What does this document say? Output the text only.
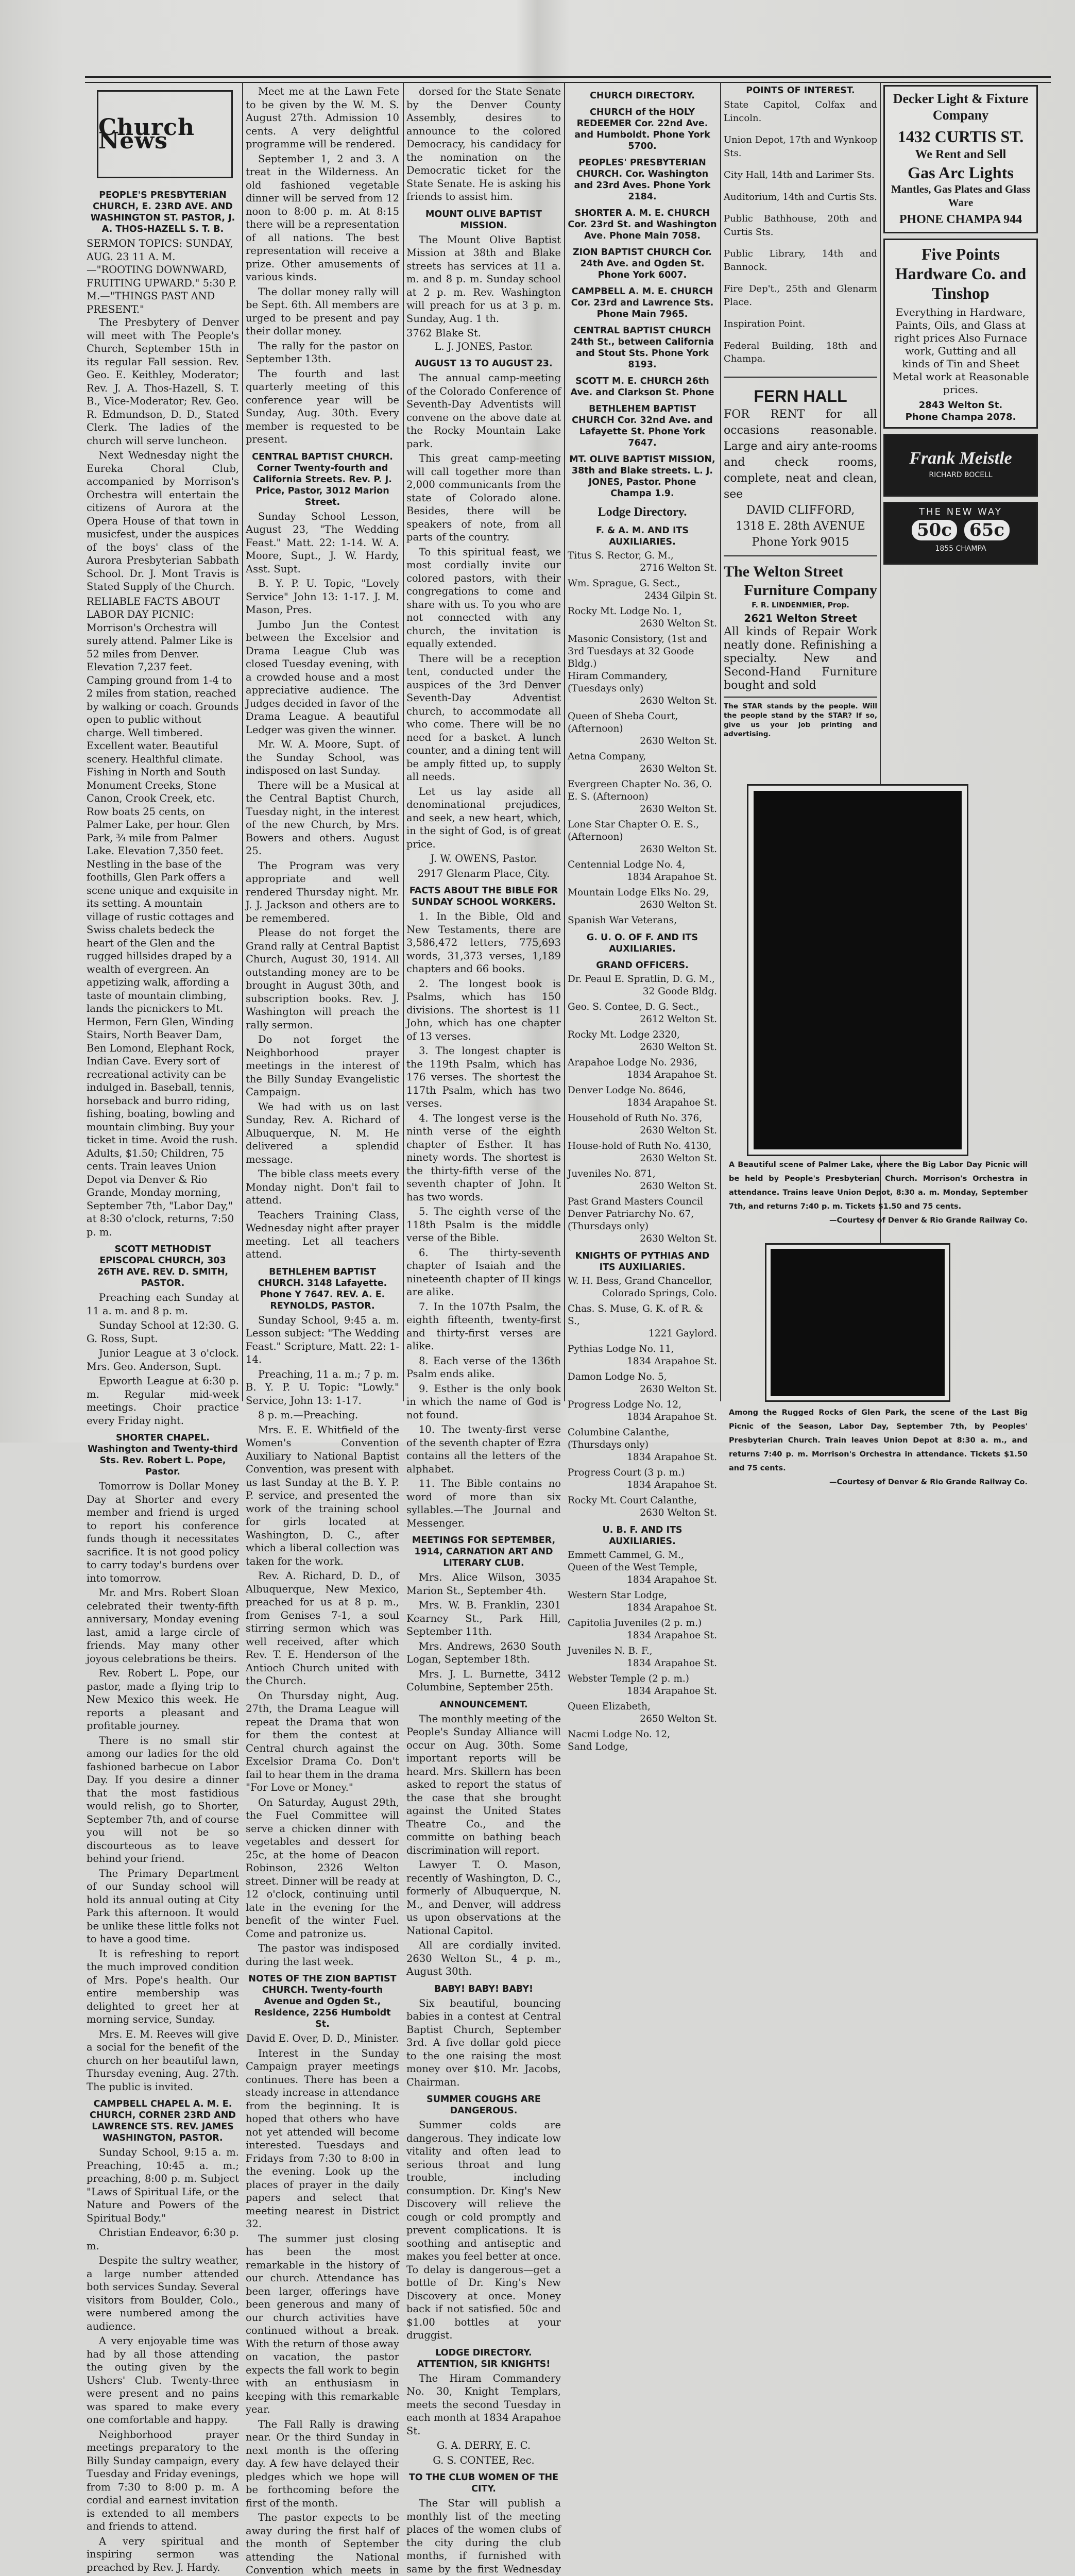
Church News
PEOPLE'S PRESBYTERIAN CHURCH, E. 23RD AVE. AND WASHINGTON ST. PASTOR, J. A. THOS-HAZELL S. T. B.

SERMON TOPICS: SUNDAY, AUG. 23 11 A. M.—"ROOTING DOWNWARD, FRUITING UPWARD." 5:30 P. M.—"THINGS PAST AND PRESENT."

The Presbytery of Denver will meet with The People's Church, September 15th in its regular Fall session. Rev. Geo. E. Keithley, Moderator; Rev. J. A. Thos-Hazell, S. T. B., Vice-Moderator; Rev. Geo. R. Edmundson, D. D., Stated Clerk. The ladies of the church will serve luncheon.

Next Wednesday night the Eureka Choral Club, accompanied by Morrison's Orchestra will entertain the citizens of Aurora at the Opera House of that town in musicfest, under the auspices of the boys' class of the Aurora Presbyterian Sabbath School. Dr. J. Mont Travis is Stated Supply of the Church.

RELIABLE FACTS ABOUT LABOR DAY PICNIC: Morrison's Orchestra will surely attend. Palmer Like is 52 miles from Denver. Elevation 7,237 feet. Camping ground from 1-4 to 2 miles from station, reached by walking or coach. Grounds open to public without charge. Well timbered. Excellent water. Beautiful scenery. Healthful climate. Fishing in North and South Monument Creeks, Stone Canon, Crook Creek, etc. Row boats 25 cents, on Palmer Lake, per hour. Glen Park, ¾ mile from Palmer Lake. Elevation 7,350 feet. Nestling in the base of the foothills, Glen Park offers a scene unique and exquisite in its setting. A mountain village of rustic cottages and Swiss chalets bedeck the heart of the Glen and the rugged hillsides draped by a wealth of evergreen. An appetizing walk, affording a taste of mountain climbing, lands the picnickers to Mt. Hermon, Fern Glen, Winding Stairs, North Beaver Dam, Ben Lomond, Elephant Rock, Indian Cave. Every sort of recreational activity can be indulged in. Baseball, tennis, horseback and burro riding, fishing, boating, bowling and mountain climbing. Buy your ticket in time. Avoid the rush. Adults, $1.50; Children, 75 cents. Train leaves Union Depot via Denver & Rio Grande, Monday morning, September 7th, "Labor Day," at 8:30 o'clock, returns, 7:50 p. m.

SCOTT METHODIST EPISCOPAL CHURCH, 303 26TH AVE. REV. D. SMITH, PASTOR.

Preaching each Sunday at 11 a. m. and 8 p. m.

Sunday School at 12:30. G. G. Ross, Supt.

Junior League at 3 o'clock. Mrs. Geo. Anderson, Supt.

Epworth League at 6:30 p. m. Regular mid-week meetings. Choir practice every Friday night.

SHORTER CHAPEL. Washington and Twenty-third Sts. Rev. Robert L. Pope, Pastor.

Tomorrow is Dollar Money Day at Shorter and every member and friend is urged to report his conference funds though it necessitates sacrifice. It is not good policy to carry today's burdens over into tomorrow.

Mr. and Mrs. Robert Sloan celebrated their twenty-fifth anniversary, Monday evening last, amid a large circle of friends. May many other joyous celebrations be theirs.

Rev. Robert L. Pope, our pastor, made a flying trip to New Mexico this week. He reports a pleasant and profitable journey.

There is no small stir among our ladies for the old fashioned barbecue on Labor Day. If you desire a dinner that the most fastidious would relish, go to Shorter, September 7th, and of course you will not be so discourteous as to leave behind your friend.

The Primary Department of our Sunday school will hold its annual outing at City Park this afternoon. It would be unlike these little folks not to have a good time.

It is refreshing to report the much improved condition of Mrs. Pope's health. Our entire membership was delighted to greet her at morning service, Sunday.

Mrs. E. M. Reeves will give a social for the benefit of the church on her beautiful lawn, Thursday evening, Aug. 27th. The public is invited.

CAMPBELL CHAPEL A. M. E. CHURCH, CORNER 23RD AND LAWRENCE STS. REV. JAMES WASHINGTON, PASTOR.

Sunday School, 9:15 a. m. Preaching, 10:45 a. m.; preaching, 8:00 p. m. Subject "Laws of Spiritual Life, or the Nature and Powers of the Spiritual Body."

Christian Endeavor, 6:30 p. m.

Despite the sultry weather, a large number attended both services Sunday. Several visitors from Boulder, Colo., were numbered among the audience.

A very enjoyable time was had by all those attending the outing given by the Ushers' Club. Twenty-three were present and no pains was spared to make every one comfortable and happy.

Neighborhood prayer meetings preparatory to the Billy Sunday campaign, every Tuesday and Friday evenings, from 7:30 to 8:00 p. m. A cordial and earnest invitation is extended to all members and friends to attend.

A very spiritual and inspiring sermon was preached by Rev. J. Hardy.

Meet me at the Lawn Fete to be given by the W. M. S. August 27th. Admission 10 cents. A very delightful programme will be rendered.

September 1, 2 and 3. A treat in the Wilderness. An old fashioned vegetable dinner will be served from 12 noon to 8:00 p. m. At 8:15 there will be a representation of all nations. The best representation will receive a prize. Other amusements of various kinds.

The dollar money rally will be Sept. 6th. All members are urged to be present and pay their dollar money.

The rally for the pastor on September 13th.

The fourth and last quarterly meeting of this conference year will be Sunday, Aug. 30th. Every member is requested to be present.

CENTRAL BAPTIST CHURCH. Corner Twenty-fourth and California Streets. Rev. P. J. Price, Pastor, 3012 Marion Street.

Sunday School Lesson, August 23, "The Wedding Feast." Matt. 22: 1-14. W. A. Moore, Supt., J. W. Hardy, Asst. Supt.

B. Y. P. U. Topic, "Lovely Service" John 13: 1-17. J. M. Mason, Pres.

Jumbo Jun the Contest between the Excelsior and Drama League Club was closed Tuesday evening, with a crowded house and a most appreciative audience. The Judges decided in favor of the Drama League. A beautiful Ledger was given the winner.

Mr. W. A. Moore, Supt. of the Sunday School, was indisposed on last Sunday.

There will be a Musical at the Central Baptist Church, Tuesday night, in the interest of the new Church, by Mrs. Bowers and others. August 25.

The Program was very appropriate and well rendered Thursday night. Mr. J. J. Jackson and others are to be remembered.

Please do not forget the Grand rally at Central Baptist Church, August 30, 1914. All outstanding money are to be brought in August 30th, and subscription books. Rev. J. Washington will preach the rally sermon.

Do not forget the Neighborhood prayer meetings in the interest of the Billy Sunday Evangelistic Campaign.

We had with us on last Sunday, Rev. A. Richard of Albuquerque, N. M. He delivered a splendid message.

The bible class meets every Monday night. Don't fail to attend.

Teachers Training Class, Wednesday night after prayer meeting. Let all teachers attend.

BETHLEHEM BAPTIST CHURCH. 3148 Lafayette. Phone Y 7647. REV. A. E. REYNOLDS, PASTOR.

Sunday School, 9:45 a. m. Lesson subject: "The Wedding Feast." Scripture, Matt. 22: 1-14.

Preaching, 11 a. m.; 7 p. m. B. Y. P. U. Topic: "Lowly." Service, John 13: 1-17.

8 p. m.—Preaching.

Mrs. E. E. Whitfield of the Women's Convention Auxiliary to National Baptist Convention, was present with us last Sunday at the B. Y. P. P. service, and presented the work of the training school for girls located at Washington, D. C., after which a liberal collection was taken for the work.

Rev. A. Richard, D. D., of Albuquerque, New Mexico, preached for us at 8 p. m., from Genises 7-1, a soul stirring sermon which was well received, after which Rev. T. E. Henderson of the Antioch Church united with the Church.

On Thursday night, Aug. 27th, the Drama League will repeat the Drama that won for them the contest at Central church against the Excelsior Drama Co. Don't fail to hear them in the drama "For Love or Money."

On Saturday, August 29th, the Fuel Committee will serve a chicken dinner with vegetables and dessert for 25c, at the home of Deacon Robinson, 2326 Welton street. Dinner will be ready at 12 o'clock, continuing until late in the evening for the benefit of the winter Fuel. Come and patronize us.

The pastor was indisposed during the last week.

NOTES OF THE ZION BAPTIST CHURCH. Twenty-fourth Avenue and Ogden St., Residence, 2256 Humboldt St.

David E. Over, D. D., Minister.

Interest in the Sunday Campaign prayer meetings continues. There has been a steady increase in attendance from the beginning. It is hoped that others who have not yet attended will become interested. Tuesdays and Fridays from 7:30 to 8:00 in the evening. Look up the places of prayer in the daily papers and select that meeting nearest in District 32.

The summer just closing has been the most remarkable in the history of our church. Attendance has been larger, offerings have been generous and many of our church activities have continued without a break. With the return of those away on vacation, the pastor expects the fall work to begin with an enthusiasm in keeping with this remarkable year.

The Fall Rally is drawing near. Or the third Sunday in next month is the offering day. A few have delayed their pledges which we hope will be forthcoming before the first of the month.

The pastor expects to be away during the first half of the month of September attending the National Convention which meets in

dorsed for the State Senate by the Denver County Assembly, desires to announce to the colored Democracy, his candidacy for the nomination on the Democratic ticket for the State Senate. He is asking his friends to assist him.

MOUNT OLIVE BAPTIST MISSION.

The Mount Olive Baptist Mission at 38th and Blake streets has services at 11 a. m. and 8 p. m. Sunday school at 2 p. m. Rev. Washington will preach for us at 3 p. m. Sunday, Aug. 1 th.

3762 Blake St.

L. J. JONES, Pastor.

AUGUST 13 TO AUGUST 23.

The annual camp-meeting of the Colorado Conference of Seventh-Day Adventists will convene on the above date at the Rocky Mountain Lake park.

This great camp-meeting will call together more than 2,000 communicants from the state of Colorado alone. Besides, there will be speakers of note, from all parts of the country.

To this spiritual feast, we most cordially invite our colored pastors, with their congregations to come and share with us. To you who are not connected with any church, the invitation is equally extended.

There will be a reception tent, conducted under the auspices of the 3rd Denver Seventh-Day Adventist church, to accommodate all who come. There will be no need for a basket. A lunch counter, and a dining tent will be amply fitted up, to supply all needs.

Let us lay aside all denominational prejudices, and seek, a new heart, which, in the sight of God, is of great price.

J. W. OWENS, Pastor.

2917 Glenarm Place, City.

FACTS ABOUT THE BIBLE FOR SUNDAY SCHOOL WORKERS.

1. In the Bible, Old and New Testaments, there are 3,586,472 letters, 775,693 words, 31,373 verses, 1,189 chapters and 66 books.

2. The longest book is Psalms, which has 150 divisions. The shortest is 11 John, which has one chapter of 13 verses.

3. The longest chapter is the 119th Psalm, which has 176 verses. The shortest the 117th Psalm, which has two verses.

4. The longest verse is the ninth verse of the eighth chapter of Esther. It has ninety words. The shortest is the thirty-fifth verse of the seventh chapter of John. It has two words.

5. The eighth verse of the 118th Psalm is the middle verse of the Bible.

6. The thirty-seventh chapter of Isaiah and the nineteenth chapter of II kings are alike.

7. In the 107th Psalm, the eighth fifteenth, twenty-first and thirty-first verses are alike.

8. Each verse of the 136th Psalm ends alike.

9. Esther is the only book in which the name of God is not found.

10. The twenty-first verse of the seventh chapter of Ezra contains all the letters of the alphabet.

11. The Bible contains no word of more than six syllables.—The Journal and Messenger.

MEETINGS FOR SEPTEMBER, 1914, CARNATION ART AND LITERARY CLUB.

Mrs. Alice Wilson, 3035 Marion St., September 4th.

Mrs. W. B. Franklin, 2301 Kearney St., Park Hill, September 11th.

Mrs. Andrews, 2630 South Logan, September 18th.

Mrs. J. L. Burnette, 3412 Columbine, September 25th.

ANNOUNCEMENT.

The monthly meeting of the People's Sunday Alliance will occur on Aug. 30th. Some important reports will be heard. Mrs. Skillern has been asked to report the status of the case that she brought against the United States Theatre Co., and the committe on bathing beach discrimination will report.

Lawyer T. O. Mason, recently of Washington, D. C., formerly of Albuquerque, N. M., and Denver, will address us upon observations at the National Capitol.

All are cordially invited. 2630 Welton St., 4 p. m., August 30th.

BABY! BABY! BABY!

Six beautiful, bouncing babies in a contest at Central Baptist Church, September 3rd. A five dollar gold piece to the one raising the most money over $10. Mr. Jacobs, Chairman.

SUMMER COUGHS ARE DANGEROUS.

Summer colds are dangerous. They indicate low vitality and often lead to serious throat and lung trouble, including consumption. Dr. King's New Discovery will relieve the cough or cold promptly and prevent complications. It is soothing and antiseptic and makes you feel better at once. To delay is dangerous—get a bottle of Dr. King's New Discovery at once. Money back if not satisfied. 50c and $1.00 bottles at your druggist.

LODGE DIRECTORY. ATTENTION, SIR KNIGHTS!

The Hiram Commandery No. 30, Knight Templars, meets the second Tuesday in each month at 1834 Arapahoe St.

G. A. DERRY, E. C.

G. S. CONTEE, Rec.

TO THE CLUB WOMEN OF THE CITY.

The Star will publish a monthly list of the meeting places of the women clubs of the city during the club months, if furnished with same by the first Wednesday

CHURCH DIRECTORY.
CHURCH of the HOLY REDEEMER Cor. 22nd Ave. and Humboldt. Phone York 5700.
PEOPLES' PRESBYTERIAN CHURCH. Cor. Washington and 23rd Aves. Phone York 2184.
SHORTER A. M. E. CHURCH Cor. 23rd St. and Washington Ave. Phone Main 7058.
ZION BAPTIST CHURCH Cor. 24th Ave. and Ogden St. Phone York 6007.
CAMPBELL A. M. E. CHURCH Cor. 23rd and Lawrence Sts. Phone Main 7965.
CENTRAL BAPTIST CHURCH 24th St., between California and Stout Sts. Phone York 8193.
SCOTT M. E. CHURCH 26th Ave. and Clarkson St. Phone
BETHLEHEM BAPTIST CHURCH Cor. 32nd Ave. and Lafayette St. Phone York 7647.
MT. OLIVE BAPTIST MISSION, 38th and Blake streets. L. J. JONES, Pastor. Phone Champa 1.9.
Lodge Directory.
F. & A. M. AND ITS AUXILIARIES.

Titus S. Rector, G. M.,

2716 Welton St.

Wm. Sprague, G. Sect.,

2434 Gilpin St.

Rocky Mt. Lodge No. 1,

2630 Welton St.

Masonic Consistory, (1st and 3rd Tuesdays at 32 Goode Bldg.)

Hiram Commandery, (Tuesdays only)

2630 Welton St.

Queen of Sheba Court, (Afternoon)

2630 Welton St.

Aetna Company,

2630 Welton St.

Evergreen Chapter No. 36, O. E. S. (Afternoon)

2630 Welton St.

Lone Star Chapter O. E. S., (Afternoon)

2630 Welton St.

Centennial Lodge No. 4,

1834 Arapahoe St.

Mountain Lodge Elks No. 29,

2630 Welton St.

Spanish War Veterans,

G. U. O. OF F. AND ITS AUXILIARIES.
GRAND OFFICERS.

Dr. Peaul E. Spratlin, D. G. M.,

32 Goode Bldg.

Geo. S. Contee, D. G. Sect.,

2612 Welton St.

Rocky Mt. Lodge 2320,

2630 Welton St.

Arapahoe Lodge No. 2936,

1834 Arapahoe St.

Denver Lodge No. 8646,

1834 Arapahoe St.

Household of Ruth No. 376,

2630 Welton St.

House-hold of Ruth No. 4130,

2630 Welton St.

Juveniles No. 871,

2630 Welton St.

Past Grand Masters Council

Denver Patriarchy No. 67, (Thursdays only)

2630 Welton St.

KNIGHTS OF PYTHIAS AND ITS AUXILIARIES.

W. H. Bess, Grand Chancellor,

Colorado Springs, Colo.

Chas. S. Muse, G. K. of R. & S.,

1221 Gaylord.

Pythias Lodge No. 11,

1834 Arapahoe St.

Damon Lodge No. 5,

2630 Welton St.

Progress Lodge No. 12,

1834 Arapahoe St.

Columbine Calanthe, (Thursdays only)

1834 Arapahoe St.

Progress Court (3 p. m.)

1834 Arapahoe St.

Rocky Mt. Court Calanthe,

2630 Welton St.

U. B. F. AND ITS AUXILIARIES.

Emmett Cammel, G. M., Queen of the West Temple,

1834 Arapahoe St.

Western Star Lodge,

1834 Arapahoe St.

Capitolia Juveniles (2 p. m.)

1834 Arapahoe St.

Juveniles N. B. F.,

1834 Arapahoe St.

Webster Temple (2 p. m.)

1834 Arapahoe St.

Queen Elizabeth,

2650 Welton St.

Nacmi Lodge No. 12,

Sand Lodge,

POINTS OF INTEREST.

State Capitol, Colfax and Lincoln.

Union Depot, 17th and Wynkoop Sts.

City Hall, 14th and Larimer Sts.

Auditorium, 14th and Curtis Sts.

Public Bathhouse, 20th and Curtis Sts.

Public Library, 14th and Bannock.

Fire Dep't., 25th and Glenarm Place.

Inspiration Point.

Federal Building, 18th and Champa.

FERN HALL
FOR RENT for all occasions reasonable. Large and airy ante-rooms and check rooms, complete, neat and clean, see
DAVID CLIFFORD,
1318 E. 28th AVENUE
Phone York 9015
The Welton Street
Furniture Company
F. R. LINDENMIER, Prop.
2621 Welton Street
All kinds of Repair Work neatly done. Refinishing a specialty. New and Second-Hand Furniture bought and sold
The STAR stands by the people. Will the people stand by the STAR? If so, give us your job printing and advertising.
A Beautiful scene of Palmer Lake, where the Big Labor Day Picnic will be held by People's Presbyterian Church. Morrison's Orchestra in attendance. Trains leave Union Depot, 8:30 a. m. Monday, September 7th, and returns 7:40 p. m. Tickets $1.50 and 75 cents.
—Courtesy of Denver & Rio Grande Railway Co.
Among the Rugged Rocks of Glen Park, the scene of the Last Big Picnic of the Season, Labor Day, September 7th, by Peoples' Presbyterian Church. Train leaves Union Depot at 8:30 a. m., and returns 7:40 p. m. Morrison's Orchestra in attendance. Tickets $1.50 and 75 cents.
—Courtesy of Denver & Rio Grande Railway Co.
Decker Light & Fixture Company
1432 CURTIS ST.
We Rent and Sell
Gas Arc Lights
Mantles, Gas Plates and Glass Ware
PHONE CHAMPA 944
Five Points Hardware Co. and Tinshop
Everything in Hardware, Paints, Oils, and Glass at right prices Also Furnace work, Gutting and all kinds of Tin and Sheet Metal work at Reasonable prices.
2843 Welton St.
Phone Champa 2078.
Frank Meistle
RICHARD BOCELL
THE NEW WAY
50c 65c
1855 CHAMPA
